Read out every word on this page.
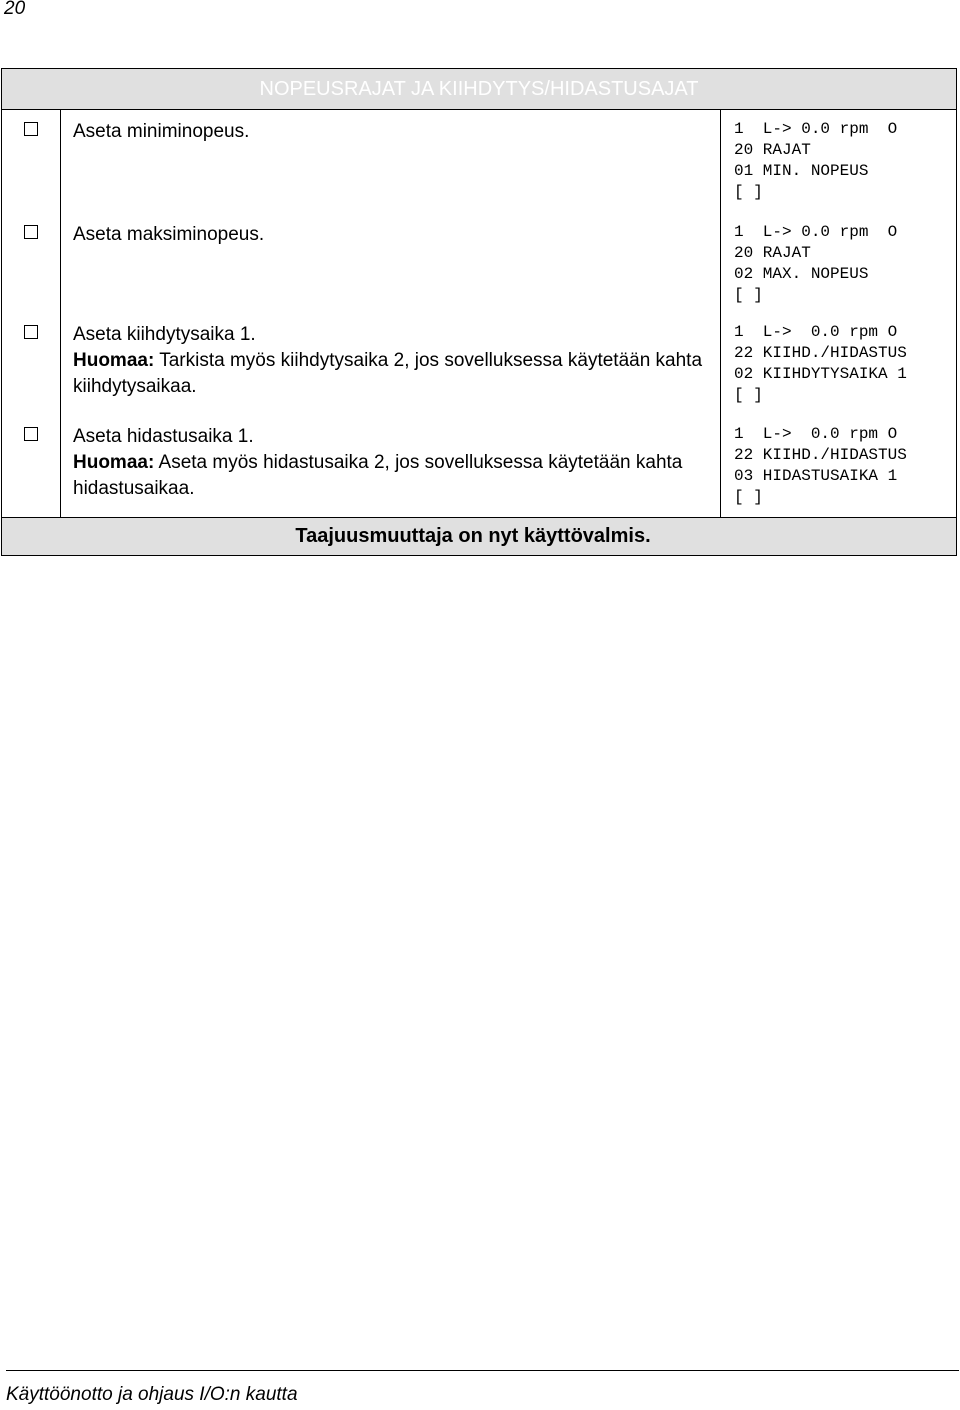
20
NOPEUSRAJAT JA KIIHDYTYS/HIDASTUSAJAT
Aseta miniminopeus.	1  L-> 0.0 rpm  O
20 RAJAT
01 MIN. NOPEUS
[ ]
Aseta maksiminopeus.	1  L-> 0.0 rpm  O
20 RAJAT
02 MAX. NOPEUS
[ ]
Aseta kiihdytysaika 1.
Huomaa: Tarkista myös kiihdytysaika 2, jos sovelluksessa käytetään kahta kiihdytysaikaa.
1  L->  0.0 rpm O
22 KIIHD./HIDASTUS
02 KIIHDYTYSAIKA 1
[ ]
Aseta hidastusaika 1.
Huomaa: Aseta myös hidastusaika 2, jos sovelluksessa käytetään kahta hidastusaikaa.
1  L->  0.0 rpm O
22 KIIHD./HIDASTUS
03 HIDASTUSAIKA 1
[ ]
Taajuusmuuttaja on nyt käyttövalmis.
Käyttöönotto ja ohjaus I/O:n kautta
